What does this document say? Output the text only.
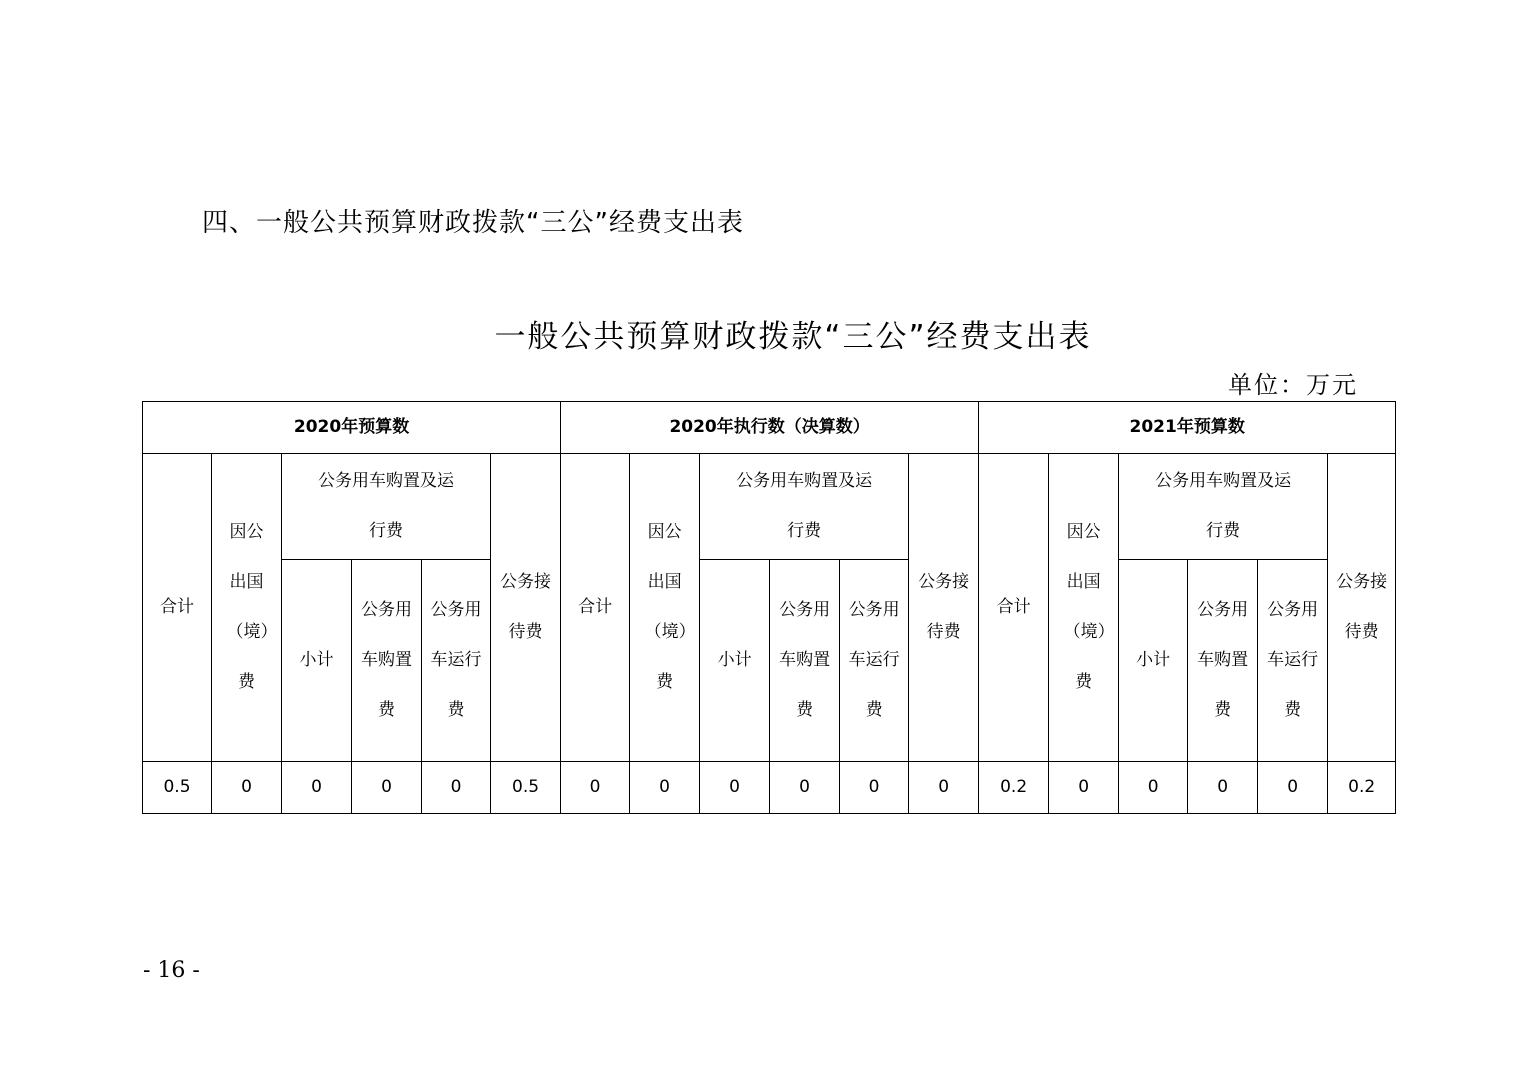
四、一般公共预算财政拨款“三公”经费支出表
一般公共预算财政拨款“三公”经费支出表
单位：万元
2020年预算数						2020年执行数（决算数）						2021年预算数					
合计	因公出国（境）费	公务用车购置及运行费			公务接待费	合计	因公出国（境）费	公务用车购置及运行费			公务接待费	合计	因公出国（境）费	公务用车购置及运行费			公务接待费
		小计	公务用车购置费	公务用车运行费				小计	公务用车购置费	公务用车运行费				小计	公务用车购置费	公务用车运行费	
0.5	0	0	0	0	0.5	0	0	0	0	0	0	0.2	0	0	0	0	0.2
- 16 -
